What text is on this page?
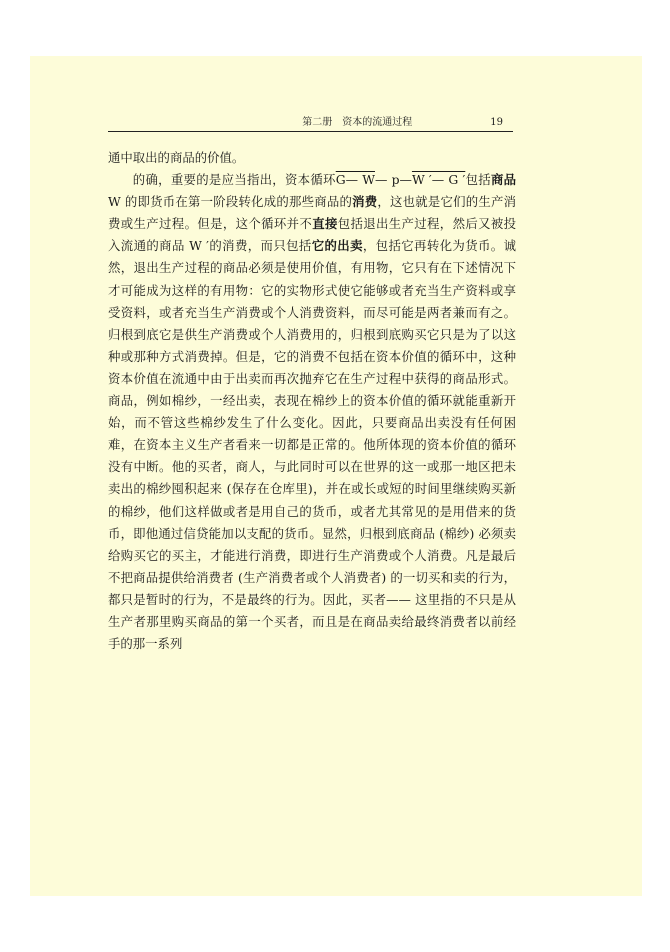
第二册　资本的流通过程	19

通中取出的商品的价值。

的确，重要的是应当指出，资本循环G— W— p—W ′— G ′包括商品W 的即货币在第一阶段转化成的那些商品的消费，这也就是它们的生产消费或生产过程。但是，这个循环并不直接包括退出生产过程，然后又被投入流通的商品 W ′的消费，而只包括它的出卖，包括它再转化为货币。诚然，退出生产过程的商品必须是使用价值，有用物，它只有在下述情况下才可能成为这样的有用物：它的实物形式使它能够或者充当生产资料或享受资料，或者充当生产消费或个人消费资料，而尽可能是两者兼而有之。归根到底它是供生产消费或个人消费用的，归根到底购买它只是为了以这种或那种方式消费掉。但是，它的消费不包括在资本价值的循环中，这种资本价值在流通中由于出卖而再次抛弃它在生产过程中获得的商品形式。商品，例如棉纱，一经出卖，表现在棉纱上的资本价值的循环就能重新开始，而不管这些棉纱发生了什么变化。因此，只要商品出卖没有任何困难，在资本主义生产者看来一切都是正常的。他所体现的资本价值的循环没有中断。他的买者，商人，与此同时可以在世界的这一或那一地区把未卖出的棉纱囤积起来 (保存在仓库里)，并在或长或短的时间里继续购买新的棉纱，他们这样做或者是用自己的货币，或者尤其常见的是用借来的货币，即他通过信贷能加以支配的货币。显然，归根到底商品 (棉纱) 必须卖给购买它的买主，才能进行消费，即进行生产消费或个人消费。凡是最后不把商品提供给消费者 (生产消费者或个人消费者) 的一切买和卖的行为，都只是暂时的行为，不是最终的行为。因此，买者—— 这里指的不只是从生产者那里购买商品的第一个买者，而且是在商品卖给最终消费者以前经手的那一系列
